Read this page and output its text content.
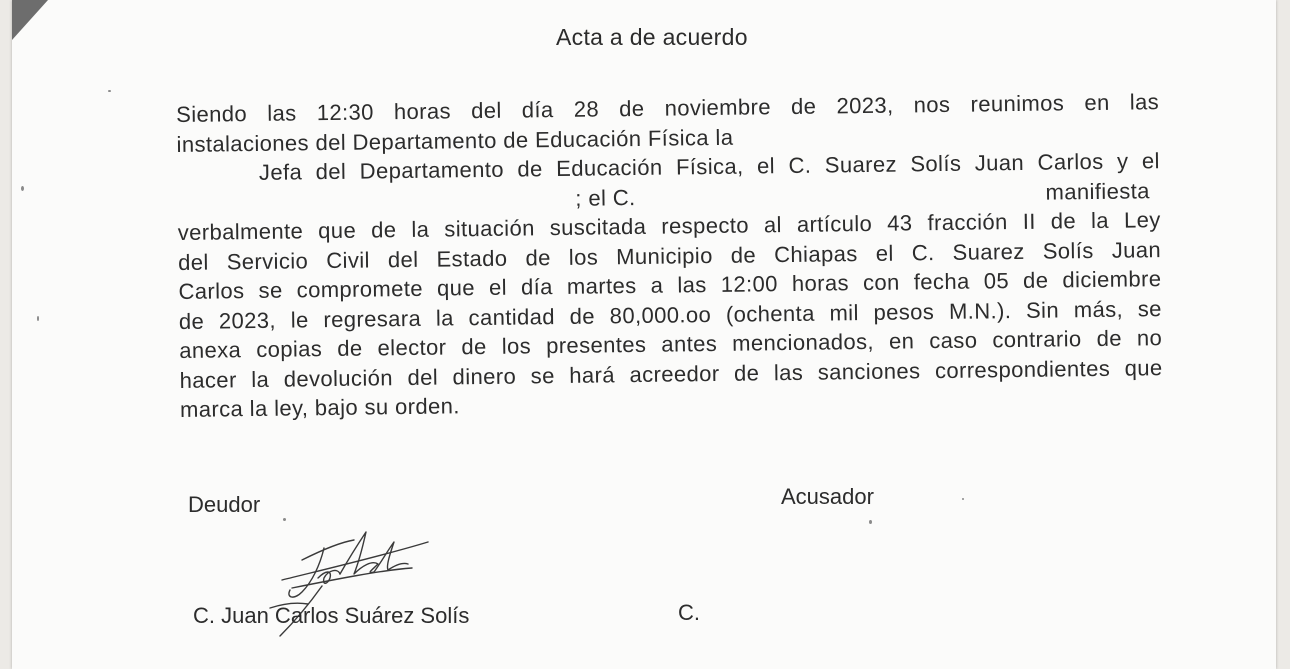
Acta a de acuerdo
Siendo las 12:30 horas del día 28 de noviembre de 2023, nos reunimos en las
instalaciones del Departamento de Educación Física la
Jefa del Departamento de Educación Física, el C. Suarez Solís Juan Carlos y el
; el C.	manifiesta
verbalmente que de la situación suscitada respecto al artículo 43 fracción II de la Ley
del Servicio Civil del Estado de los Municipio de Chiapas el C. Suarez Solís Juan
Carlos se compromete que el día martes a las 12:00 horas con fecha 05 de diciembre
de 2023, le regresara la cantidad de 80,000.oo (ochenta mil pesos M.N.). Sin más, se
anexa copias de elector de los presentes antes mencionados, en caso contrario de no
hacer la devolución del dinero se hará acreedor de las sanciones correspondientes que
marca la ley, bajo su orden.
Deudor	Acusador
C. Juan Carlos Suárez Solís	C.
